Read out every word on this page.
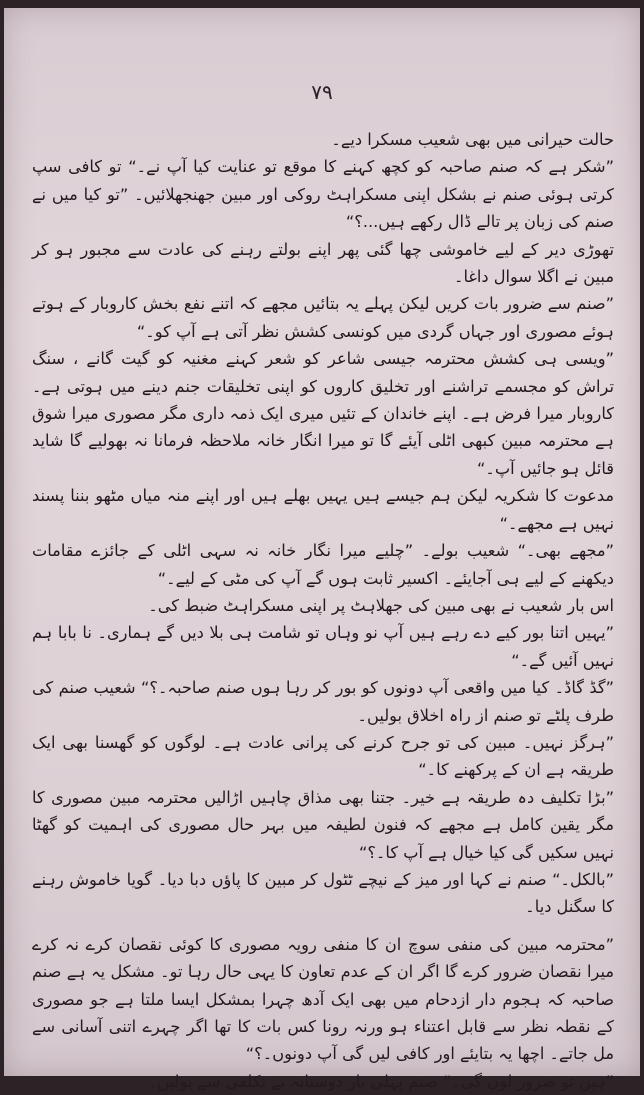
۷۹

حالت حیرانی میں بھی شعیب مسکرا دیے۔

”شکر ہے کہ صنم صاحبہ کو کچھ کہنے کا موقع تو عنایت کیا آپ نے۔“ تو کافی سپ کرتی ہوئی صنم نے بشکل اپنی مسکراہٹ روکی اور مبین جھنجھلائیں۔ ”تو کیا میں نے صنم کی زبان پر تالے ڈال رکھے ہیں...؟“

تھوڑی دیر کے لیے خاموشی چھا گئی پھر اپنے بولتے رہنے کی عادت سے مجبور ہو کر مبین نے اگلا سوال داغا۔

”صنم سے ضرور بات کریں لیکن پہلے یہ بتائیں مجھے کہ اتنے نفع بخش کاروبار کے ہوتے ہوئے مصوری اور جہاں گردی میں کونسی کشش نظر آتی ہے آپ کو۔“

”ویسی ہی کشش محترمہ جیسی شاعر کو شعر کہنے مغنیہ کو گیت گانے ، سنگ تراش کو مجسمے تراشنے اور تخلیق کاروں کو اپنی تخلیقات جنم دینے میں ہوتی ہے۔ کاروبار میرا فرض ہے۔ اپنے خاندان کے تئیں میری ایک ذمہ داری مگر مصوری میرا شوق ہے محترمہ مبین کبھی اٹلی آیئے گا تو میرا انگار خانہ ملاحظہ فرمانا نہ بھولیے گا شاید قائل ہو جائیں آپ۔“

مدعوت کا شکریہ لیکن ہم جیسے ہیں یہیں بھلے ہیں اور اپنے منہ میاں مٹھو بننا پسند نہیں ہے مجھے۔“

”مجھے بھی۔“ شعیب بولے۔ ”چلیے میرا نگار خانہ نہ سہی اٹلی کے جائزے مقامات دیکھنے کے لیے ہی آجایئے۔ اکسیر ثابت ہوں گے آپ کی مٹی کے لیے۔“

اس بار شعیب نے بھی مبین کی جھلاہٹ پر اپنی مسکراہٹ ضبط کی۔

”یہیں اتنا بور کیے دے رہے ہیں آپ نو وہاں تو شامت ہی بلا دیں گے ہماری۔ نا بابا ہم نہیں آئیں گے۔“

”گڈ گاڈ۔ کیا میں واقعی آپ دونوں کو بور کر رہا ہوں صنم صاحبہ۔؟“ شعیب صنم کی طرف پلٹے تو صنم از راہ اخلاق بولیں۔

”ہرگز نہیں۔ مبین کی تو جرح کرنے کی پرانی عادت ہے۔ لوگوں کو گھسنا بھی ایک طریقہ ہے ان کے پرکھنے کا۔“

”بڑا تکلیف دہ طریقہ ہے خیر۔ جتنا بھی مذاق چاہیں اڑالیں محترمہ مبین مصوری کا مگر یقین کامل ہے مجھے کہ فنون لطیفہ میں بہر حال مصوری کی اہمیت کو گھٹا نہیں سکیں گی کیا خیال ہے آپ کا۔؟“

”بالکل۔“ صنم نے کہا اور میز کے نیچے ٹٹول کر مبین کا پاؤں دبا دیا۔ گویا خاموش رہنے کا سگنل دیا۔

”محترمہ مبین کی منفی سوچ ان کا منفی رویہ مصوری کا کوئی نقصان کرے نہ کرے میرا نقصان ضرور کرے گا اگر ان کے عدم تعاون کا یہی حال رہا تو۔ مشکل یہ ہے صنم صاحبہ کہ ہجوم دار ازدحام میں بھی ایک آدھ چہرا بمشکل ایسا ملتا ہے جو مصوری کے نقطہ نظر سے قابل اعتناء ہو ورنہ رونا کس بات کا تھا اگر چہرے اتنی آسانی سے مل جاتے۔ اچھا یہ بتایئے اور کافی لیں گی آپ دونوں۔؟“

”ہیں تو ضرور لوں گی۔“ صنم پہلی بار دوستانہ بے تکلفی سے بولیں۔
